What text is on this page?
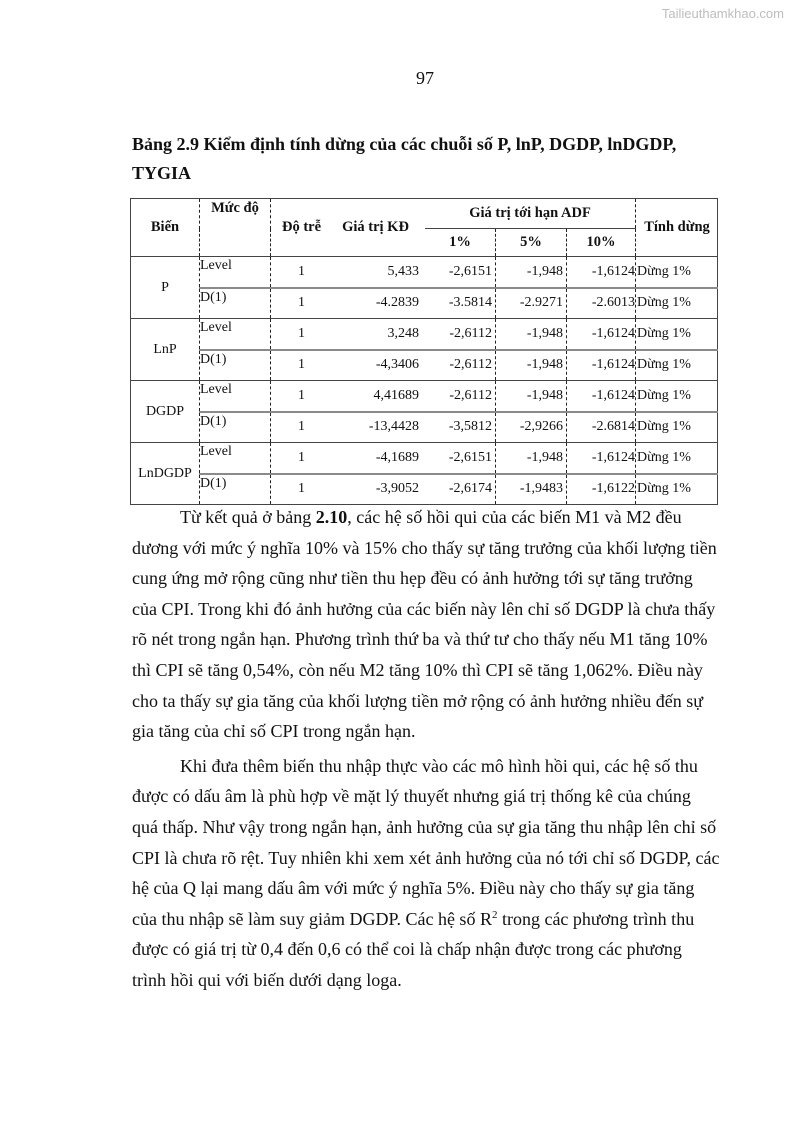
Tailieuthamkhao.com
97
Bảng 2.9 Kiểm định tính dừng của các chuỗi số P, lnP, DGDP, lnDGDP,
TYGIA
Biến	Mức độ	Độ trễ	Giá trị KĐ	Giá trị tới hạn ADF			Tính dừng
				1%	5%	10%	
P	Level	1	5,433	-2,6151	-1,948	-1,6124	Dừng 1%
	D(1)	1	-4.2839	-3.5814	-2.9271	-2.6013	Dừng 1%
LnP	Level	1	3,248	-2,6112	-1,948	-1,6124	Dừng 1%
	D(1)	1	-4,3406	-2,6112	-1,948	-1,6124	Dừng 1%
DGDP	Level	1	4,41689	-2,6112	-1,948	-1,6124	Dừng 1%
	D(1)	1	-13,4428	-3,5812	-2,9266	-2.6814	Dừng 1%
LnDGDP	Level	1	-4,1689	-2,6151	-1,948	-1,6124	Dừng 1%
	D(1)	1	-3,9052	-2,6174	-1,9483	-1,6122	Dừng 1%

Từ kết quả ở bảng 2.10, các hệ số hồi qui của các biến M1 và M2 đều dương với mức ý nghĩa 10% và 15% cho thấy sự tăng trưởng của khối lượng tiền cung ứng mở rộng cũng như tiền thu hẹp đều có ảnh hưởng tới sự tăng trưởng của CPI. Trong khi đó ảnh hưởng của các biến này lên chỉ số DGDP là chưa thấy rõ nét trong ngắn hạn. Phương trình thứ ba và thứ tư cho thấy nếu M1 tăng 10% thì CPI sẽ tăng 0,54%, còn nếu M2 tăng 10% thì CPI sẽ tăng 1,062%. Điều này cho ta thấy sự gia tăng của khối lượng tiền mở rộng có ảnh hưởng nhiều đến sự gia tăng của chỉ số CPI trong ngắn hạn.

Khi đưa thêm biến thu nhập thực vào các mô hình hồi qui, các hệ số thu được có dấu âm là phù hợp về mặt lý thuyết nhưng giá trị thống kê của chúng quá thấp. Như vậy trong ngắn hạn, ảnh hưởng của sự gia tăng thu nhập lên chỉ số CPI là chưa rõ rệt. Tuy nhiên khi xem xét ảnh hưởng của nó tới chỉ số DGDP, các hệ của Q lại mang dấu âm với mức ý nghĩa 5%. Điều này cho thấy sự gia tăng của thu nhập sẽ làm suy giảm DGDP. Các hệ số $R^2$ trong các phương trình thu được có giá trị từ 0,4 đến 0,6 có thể coi là chấp nhận được trong các phương trình hồi qui với biến dưới dạng loga.
